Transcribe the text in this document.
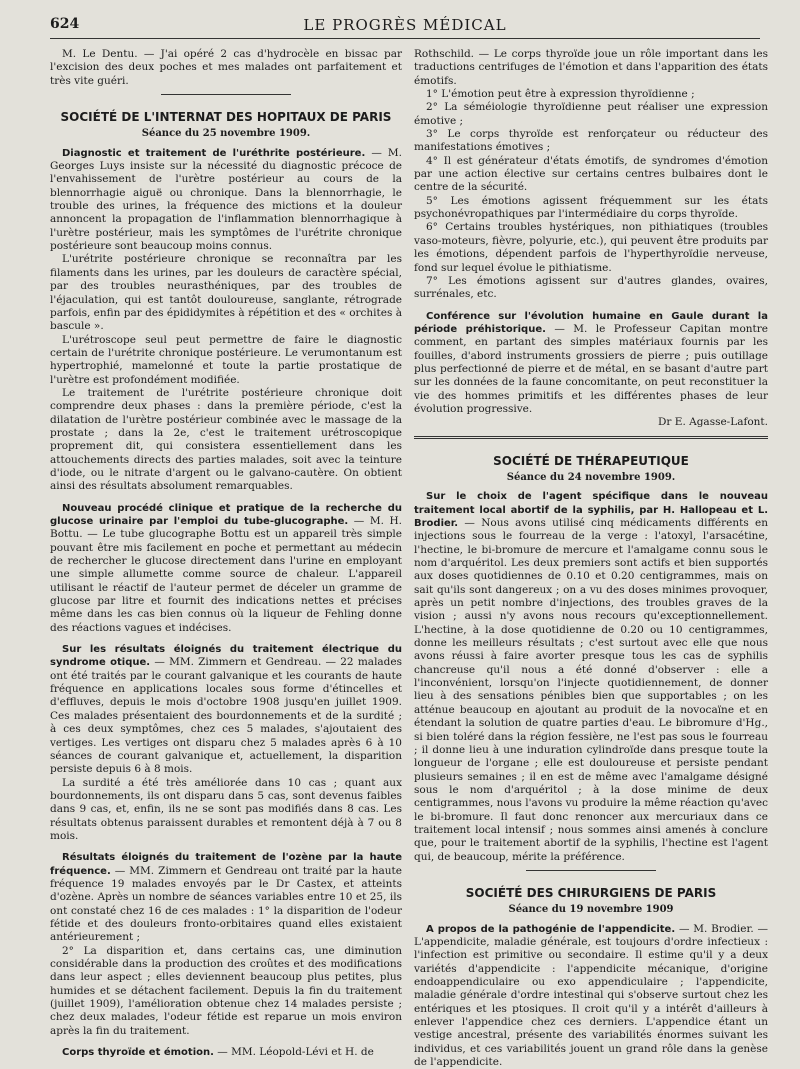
624	LE PROGRÈS MÉDICAL

M. Le Dentu. — J'ai opéré 2 cas d'hydrocèle en bissac par l'excision des deux poches et mes malades ont parfaitement et très vite guéri.

SOCIÉTÉ DE L'INTERNAT DES HOPITAUX DE PARIS
Séance du 25 novembre 1909.

Diagnostic et traitement de l'uréthrite postérieure. — M. Georges Luys insiste sur la nécessité du diagnostic précoce de l'envahissement de l'urètre postérieur au cours de la blennorrhagie aiguë ou chronique. Dans la blennorrhagie, le trouble des urines, la fréquence des mictions et la douleur annoncent la propagation de l'inflammation blennorrhagique à l'urètre postérieur, mais les symptômes de l'urétrite chronique postérieure sont beaucoup moins connus.

L'urétrite postérieure chronique se reconnaîtra par les filaments dans les urines, par les douleurs de caractère spécial, par des troubles neurasthéniques, par des troubles de l'éjaculation, qui est tantôt douloureuse, sanglante, rétrograde parfois, enfin par des épididymites à répétition et des « orchites à bascule ».

L'urétroscope seul peut permettre de faire le diagnostic certain de l'urétrite chronique postérieure. Le verumontanum est hypertrophié, mamelonné et toute la partie prostatique de l'urètre est profondément modifiée.

Le traitement de l'urétrite postérieure chronique doit comprendre deux phases : dans la première période, c'est la dilatation de l'urètre postérieur combinée avec le massage de la prostate ; dans la 2e, c'est le traitement urétroscopique proprement dit, qui consistera essentiellement dans les attouchements directs des parties malades, soit avec la teinture d'iode, ou le nitrate d'argent ou le galvano-cautère. On obtient ainsi des résultats absolument remarquables.

Nouveau procédé clinique et pratique de la recherche du glucose urinaire par l'emploi du tube-glucographe. — M. H. Bottu. — Le tube glucographe Bottu est un appareil très simple pouvant être mis facilement en poche et permettant au médecin de rechercher le glucose directement dans l'urine en employant une simple allumette comme source de chaleur. L'appareil utilisant le réactif de l'auteur permet de déceler un gramme de glucose par litre et fournit des indications nettes et précises même dans les cas bien connus où la liqueur de Fehling donne des réactions vagues et indécises.

Sur les résultats éloignés du traitement électrique du syndrome otique. — MM. Zimmern et Gendreau. — 22 malades ont été traités par le courant galvanique et les courants de haute fréquence en applications locales sous forme d'étincelles et d'effluves, depuis le mois d'octobre 1908 jusqu'en juillet 1909. Ces malades présentaient des bourdonnements et de la surdité ; à ces deux symptômes, chez ces 5 malades, s'ajoutaient des vertiges. Les vertiges ont disparu chez 5 malades après 6 à 10 séances de courant galvanique et, actuellement, la disparition persiste depuis 6 à 8 mois.

La surdité a été très améliorée dans 10 cas ; quant aux bourdonnements, ils ont disparu dans 5 cas, sont devenus faibles dans 9 cas, et, enfin, ils ne se sont pas modifiés dans 8 cas. Les résultats obtenus paraissent durables et remontent déjà à 7 ou 8 mois.

Résultats éloignés du traitement de l'ozène par la haute fréquence. — MM. Zimmern et Gendreau ont traité par la haute fréquence 19 malades envoyés par le Dr Castex, et atteints d'ozène. Après un nombre de séances variables entre 10 et 25, ils ont constaté chez 16 de ces malades : 1° la disparition de l'odeur fétide et des douleurs fronto-orbitaires quand elles existaient antérieurement ;

2° La disparition et, dans certains cas, une diminution considérable dans la production des croûtes et des modifications dans leur aspect ; elles deviennent beaucoup plus petites, plus humides et se détachent facilement. Depuis la fin du traitement (juillet 1909), l'amélioration obtenue chez 14 malades persiste ; chez deux malades, l'odeur fétide est reparue un mois environ après la fin du traitement.

Corps thyroïde et émotion. — MM. Léopold-Lévi et H. de

Rothschild. — Le corps thyroïde joue un rôle important dans les traductions centrifuges de l'émotion et dans l'apparition des états émotifs.

1° L'émotion peut être à expression thyroïdienne ;

2° La séméiologie thyroïdienne peut réaliser une expression émotive ;

3° Le corps thyroïde est renforçateur ou réducteur des manifestations émotives ;

4° Il est générateur d'états émotifs, de syndromes d'émotion par une action élective sur certains centres bulbaires dont le centre de la sécurité.

5° Les émotions agissent fréquemment sur les états psychonévropathiques par l'intermédiaire du corps thyroïde.

6° Certains troubles hystériques, non pithiatiques (troubles vaso-moteurs, fièvre, polyurie, etc.), qui peuvent être produits par les émotions, dépendent parfois de l'hyperthyroïdie nerveuse, fond sur lequel évolue le pithiatisme.

7° Les émotions agissent sur d'autres glandes, ovaires, surrénales, etc.

Conférence sur l'évolution humaine en Gaule durant la période préhistorique. — M. le Professeur Capitan montre comment, en partant des simples matériaux fournis par les fouilles, d'abord instruments grossiers de pierre ; puis outillage plus perfectionné de pierre et de métal, en se basant d'autre part sur les données de la faune concomitante, on peut reconstituer la vie des hommes primitifs et les différentes phases de leur évolution progressive.

Dr E. Agasse-Lafont.

SOCIÉTÉ DE THÉRAPEUTIQUE
Séance du 24 novembre 1909.

Sur le choix de l'agent spécifique dans le nouveau traitement local abortif de la syphilis, par H. Hallopeau et L. Brodier. — Nous avons utilisé cinq médicaments différents en injections sous le fourreau de la verge : l'atoxyl, l'arsacétine, l'hectine, le bi-bromure de mercure et l'amalgame connu sous le nom d'arquéritol. Les deux premiers sont actifs et bien supportés aux doses quotidiennes de 0.10 et 0.20 centigrammes, mais on sait qu'ils sont dangereux ; on a vu des doses minimes provoquer, après un petit nombre d'injections, des troubles graves de la vision ; aussi n'y avons nous recours qu'exceptionnellement. L'hectine, à la dose quotidienne de 0.20 ou 10 centigrammes, donne les meilleurs résultats ; c'est surtout avec elle que nous avons réussi à faire avorter presque tous les cas de syphilis chancreuse qu'il nous a été donné d'observer : elle a l'inconvénient, lorsqu'on l'injecte quotidiennement, de donner lieu à des sensations pénibles bien que supportables ; on les atténue beaucoup en ajoutant au produit de la novocaïne et en étendant la solution de quatre parties d'eau. Le bibromure d'Hg., si bien toléré dans la région fessière, ne l'est pas sous le fourreau ; il donne lieu à une induration cylindroïde dans presque toute la longueur de l'organe ; elle est douloureuse et persiste pendant plusieurs semaines ; il en est de même avec l'amalgame désigné sous le nom d'arquéritol ; à la dose minime de deux centigrammes, nous l'avons vu produire la même réaction qu'avec le bi-bromure. Il faut donc renoncer aux mercuriaux dans ce traitement local intensif ; nous sommes ainsi amenés à conclure que, pour le traitement abortif de la syphilis, l'hectine est l'agent qui, de beaucoup, mérite la préférence.

SOCIÉTÉ DES CHIRURGIENS DE PARIS
Séance du 19 novembre 1909

A propos de la pathogénie de l'appendicite. — M. Brodier. — L'appendicite, maladie générale, est toujours d'ordre infectieux : l'infection est primitive ou secondaire. Il estime qu'il y a deux variétés d'appendicite : l'appendicite mécanique, d'origine endoappendiculaire ou exo appendiculaire ; l'appendicite, maladie générale d'ordre intestinal qui s'observe surtout chez les entériques et les ptosiques. Il croit qu'il y a intérêt d'ailleurs à enlever l'appendice chez ces derniers. L'appendice étant un vestige ancestral, présente des variabilités énormes suivant les individus, et ces variabilités jouent un grand rôle dans la genèse de l'appendicite.
